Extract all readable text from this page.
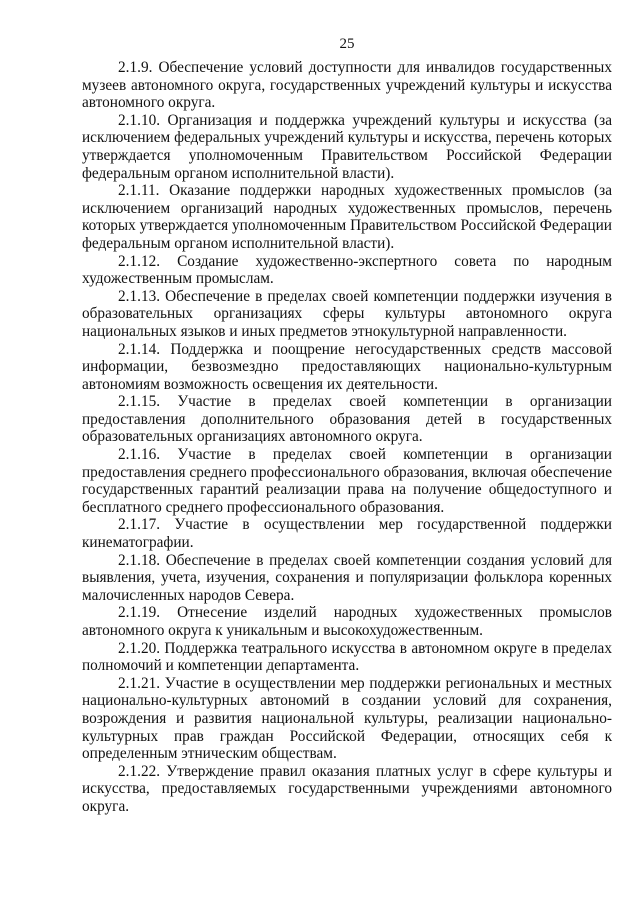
25

2.1.9. Обеспечение условий доступности для инвалидов государственных музеев автономного округа, государственных учреждений культуры и искусства автономного округа.

2.1.10. Организация и поддержка учреждений культуры и искусства (за исключением федеральных учреждений культуры и искусства, перечень которых утверждается уполномоченным Правительством Российской Федерации федеральным органом исполнительной власти).

2.1.11. Оказание поддержки народных художественных промыслов (за исключением организаций народных художественных промыслов, перечень которых утверждается уполномоченным Правительством Российской Федерации федеральным органом исполнительной власти).

2.1.12. Создание художественно-экспертного совета по народным художественным промыслам.

2.1.13. Обеспечение в пределах своей компетенции поддержки изучения в образовательных организациях сферы культуры автономного округа национальных языков и иных предметов этнокультурной направленности.

2.1.14. Поддержка и поощрение негосударственных средств массовой информации, безвозмездно предоставляющих национально-культурным автономиям возможность освещения их деятельности.

2.1.15. Участие в пределах своей компетенции в организации предоставления дополнительного образования детей в государственных образовательных организациях автономного округа.

2.1.16. Участие в пределах своей компетенции в организации предоставления среднего профессионального образования, включая обеспечение государственных гарантий реализации права на получение общедоступного и бесплатного среднего профессионального образования.

2.1.17. Участие в осуществлении мер государственной поддержки кинематографии.

2.1.18. Обеспечение в пределах своей компетенции создания условий для выявления, учета, изучения, сохранения и популяризации фольклора коренных малочисленных народов Севера.

2.1.19. Отнесение изделий народных художественных промыслов автономного округа к уникальным и высокохудожественным.

2.1.20. Поддержка театрального искусства в автономном округе в пределах полномочий и компетенции департамента.

2.1.21. Участие в осуществлении мер поддержки региональных и местных национально-культурных автономий в создании условий для сохранения, возрождения и развития национальной культуры, реализации национально-культурных прав граждан Российской Федерации, относящих себя к определенным этническим обществам.

2.1.22. Утверждение правил оказания платных услуг в сфере культуры и искусства, предоставляемых государственными учреждениями автономного округа.
